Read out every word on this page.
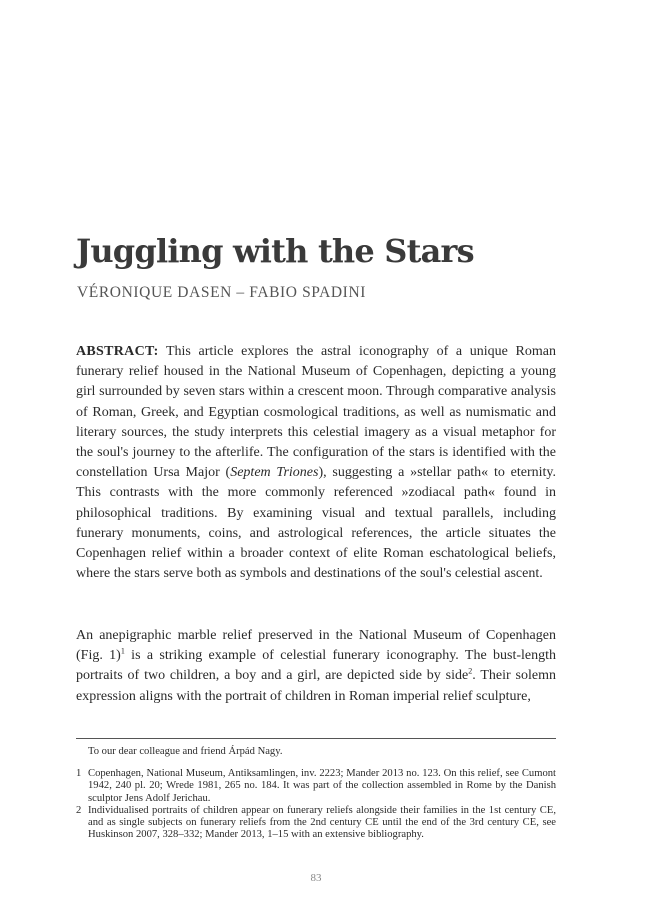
Juggling with the Stars

VÉRONIQUE DASEN – FABIO SPADINI

ABSTRACT: This article explores the astral iconography of a unique Roman funerary relief housed in the National Museum of Copenhagen, depicting a young girl surrounded by seven stars within a crescent moon. Through comparative analysis of Roman, Greek, and Egyptian cosmological traditions, as well as numismatic and literary sources, the study interprets this celestial imagery as a visual metaphor for the soul's journey to the afterlife. The configuration of the stars is identified with the constellation Ursa Major (Septem Triones), suggesting a »stellar path« to eternity. This contrasts with the more commonly referenced »zodiacal path« found in philosophical traditions. By examining visual and textual parallels, including funerary monuments, coins, and astrological references, the article situates the Copenhagen relief within a broader context of elite Roman eschatological beliefs, where the stars serve both as symbols and destinations of the soul's celestial ascent.

An anepigraphic marble relief preserved in the National Museum of Copenhagen (Fig. 1)$^1$ is a striking example of celestial funerary iconography. The bust-length portraits of two children, a boy and a girl, are depicted side by side$^2$. Their solemn expression aligns with the portrait of children in Roman imperial relief sculpture,

To our dear colleague and friend Árpád Nagy.

1 Copenhagen, National Museum, Antiksamlingen, inv. 2223; Mander 2013 no. 123. On this relief, see Cumont 1942, 240 pl. 20; Wrede 1981, 265 no. 184. It was part of the collection assembled in Rome by the Danish sculptor Jens Adolf Jerichau.
2 Individualised portraits of children appear on funerary reliefs alongside their families in the 1st century CE, and as single subjects on funerary reliefs from the 2nd century CE until the end of the 3rd century CE, see Huskinson 2007, 328–332; Mander 2013, 1–15 with an extensive bibliography.
83
